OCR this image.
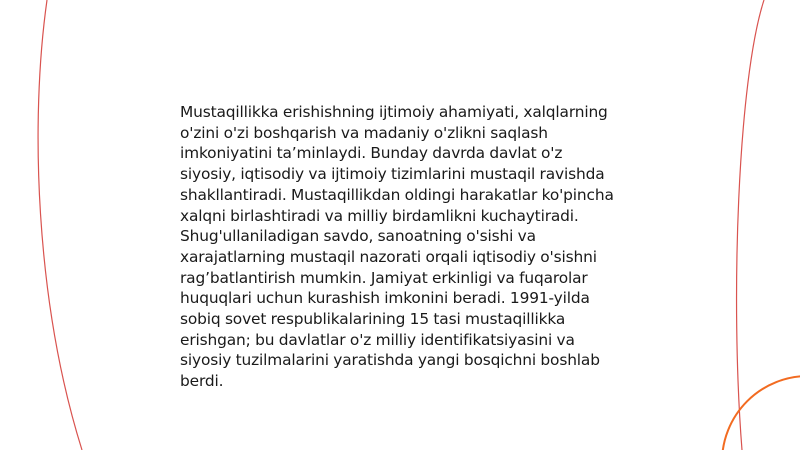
Mustaqillikka erishishning ijtimoiy ahamiyati, xalqlarning o'zini o'zi boshqarish va madaniy o'zlikni saqlash imkoniyatini ta’minlaydi. Bunday davrda davlat o'z siyosiy, iqtisodiy va ijtimoiy tizimlarini mustaqil ravishda shakllantiradi. Mustaqillikdan oldingi harakatlar ko'pincha xalqni birlashtiradi va milliy birdamlikni kuchaytiradi. Shug'ullaniladigan savdo, sanoatning o'sishi va xarajatlarning mustaqil nazorati orqali iqtisodiy o'sishni rag’batlantirish mumkin. Jamiyat erkinligi va fuqarolar huquqlari uchun kurashish imkonini beradi. 1991-yilda sobiq sovet respublikalarining 15 tasi mustaqillikka erishgan; bu davlatlar o'z milliy identifikatsiyasini va siyosiy tuzilmalarini yaratishda yangi bosqichni boshlab berdi.
